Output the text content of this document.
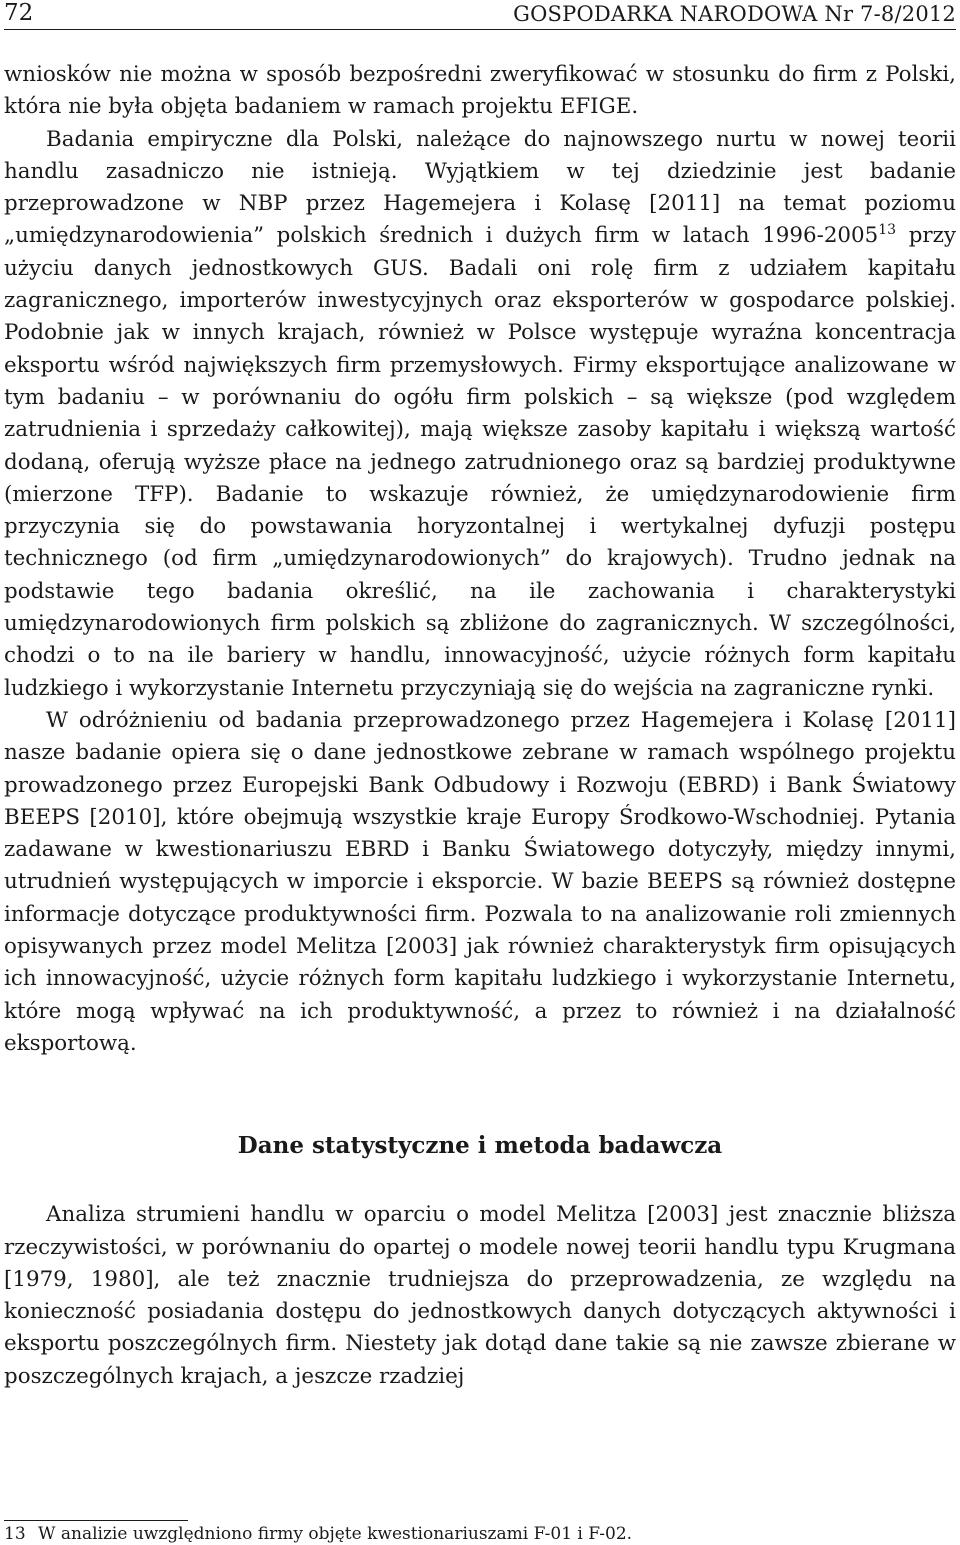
72	GOSPODARKA NARODOWA Nr 7-8/2012

wniosków nie można w sposób bezpośredni zweryfikować w stosunku do firm z Polski, która nie była objęta badaniem w ramach projektu EFIGE.

Badania empiryczne dla Polski, należące do najnowszego nurtu w nowej teorii handlu zasadniczo nie istnieją. Wyjątkiem w tej dziedzinie jest badanie przeprowadzone w NBP przez Hagemejera i Kolasę [2011] na temat poziomu „umiędzynarodowienia” polskich średnich i dużych firm w latach 1996-2005$^{13}$ przy użyciu danych jednostkowych GUS. Badali oni rolę firm z udziałem kapitału zagranicznego, importerów inwestycyjnych oraz eksporterów w gospodarce polskiej. Podobnie jak w innych krajach, również w Polsce występuje wyraźna koncentracja eksportu wśród największych firm przemysłowych. Firmy eksportujące analizowane w tym badaniu – w porównaniu do ogółu firm polskich – są większe (pod względem zatrudnienia i sprzedaży całkowitej), mają większe zasoby kapitału i większą wartość dodaną, oferują wyższe płace na jednego zatrudnionego oraz są bardziej produktywne (mierzone TFP). Badanie to wskazuje również, że umiędzynarodowienie firm przyczynia się do powstawania horyzontalnej i wertykalnej dyfuzji postępu technicznego (od firm „umiędzynarodowionych” do krajowych). Trudno jednak na podstawie tego badania określić, na ile zachowania i charakterystyki umiędzynarodowionych firm polskich są zbliżone do zagranicznych. W szczególności, chodzi o to na ile bariery w handlu, innowacyjność, użycie różnych form kapitału ludzkiego i wykorzystanie Internetu przyczyniają się do wejścia na zagraniczne rynki.

W odróżnieniu od badania przeprowadzonego przez Hagemejera i Kolasę [2011] nasze badanie opiera się o dane jednostkowe zebrane w ramach wspólnego projektu prowadzonego przez Europejski Bank Odbudowy i Rozwoju (EBRD) i Bank Światowy BEEPS [2010], które obejmują wszystkie kraje Europy Środkowo-Wschodniej. Pytania zadawane w kwestionariuszu EBRD i Banku Światowego dotyczyły, między innymi, utrudnień występujących w imporcie i eksporcie. W bazie BEEPS są również dostępne informacje dotyczące produktywności firm. Pozwala to na analizowanie roli zmiennych opisywanych przez model Melitza [2003] jak również charakterystyk firm opisujących ich innowacyjność, użycie różnych form kapitału ludzkiego i wykorzystanie Internetu, które mogą wpływać na ich produktywność, a przez to również i na działalność eksportową.

Dane statystyczne i metoda badawcza

Analiza strumieni handlu w oparciu o model Melitza [2003] jest znacznie bliższa rzeczywistości, w porównaniu do opartej o modele nowej teorii handlu typu Krugmana [1979, 1980], ale też znacznie trudniejsza do przeprowadzenia, ze względu na konieczność posiadania dostępu do jednostkowych danych dotyczących aktywności i eksportu poszczególnych firm. Niestety jak dotąd dane takie są nie zawsze zbierane w poszczególnych krajach, a jeszcze rzadziej

13 W analizie uwzględniono firmy objęte kwestionariuszami F-01 i F-02.
